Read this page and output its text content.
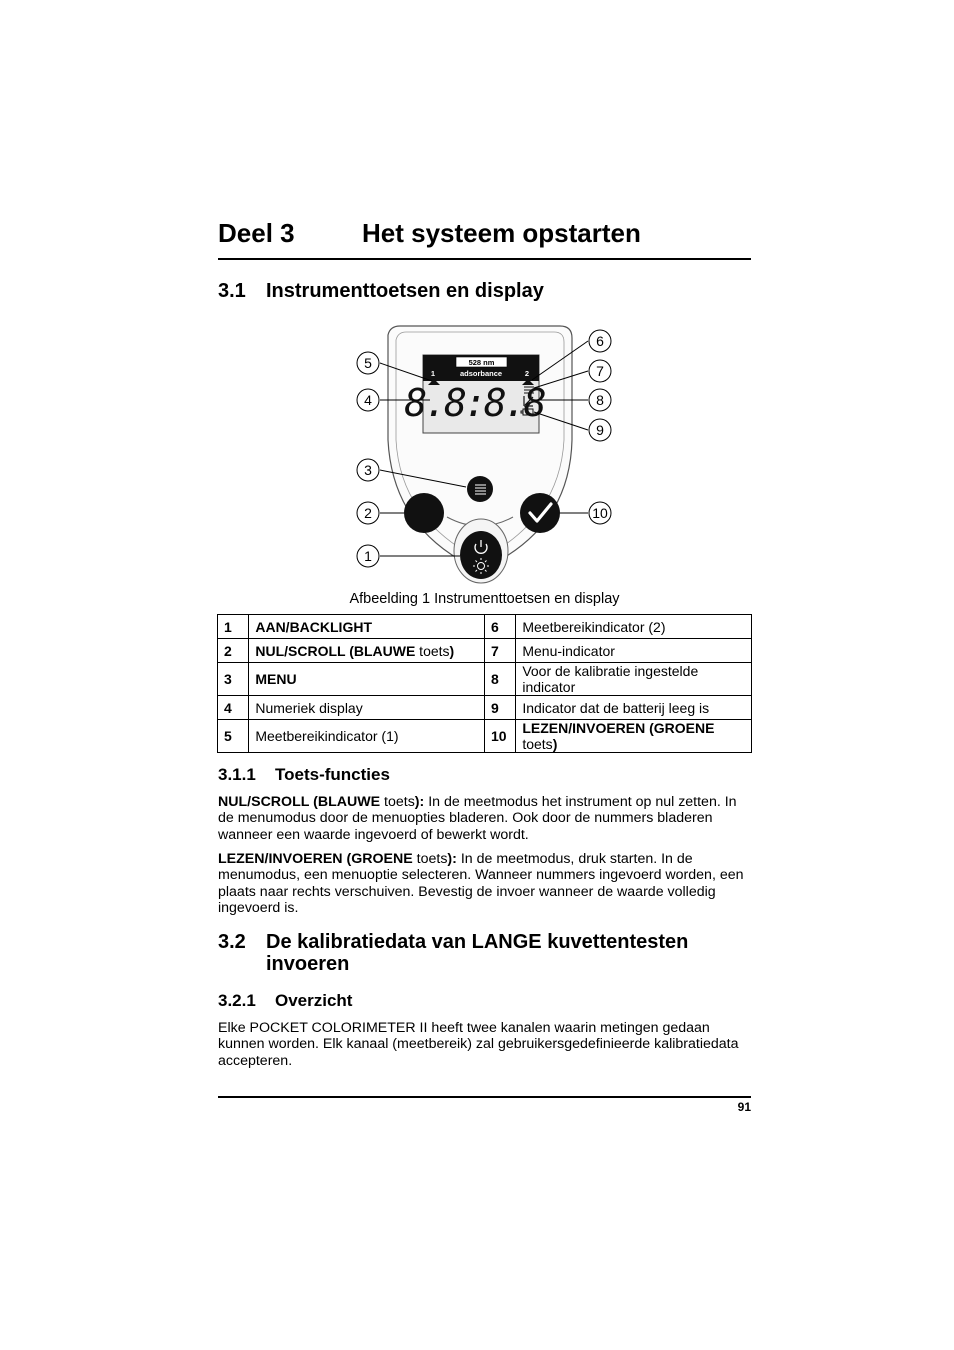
Deel 3	Het systeem opstarten
3.1 Instrumenttoetsen en display
528 nm
adsorbance
1	2
8.8:8.8
1
2
3
4
5
6
7
8
9
10
Afbeelding 1 Instrumenttoetsen en display
1	AAN/BACKLIGHT	6	Meetbereikindicator (2)
2	NUL/SCROLL (BLAUWE toets)	7	Menu-indicator
3	MENU	8	Voor de kalibratie ingestelde indicator
4	Numeriek display	9	Indicator dat de batterij leeg is
5	Meetbereikindicator (1)	10	LEZEN/INVOEREN (GROENE toets)
3.1.1 Toets-functies

NUL/SCROLL (BLAUWE toets): In de meetmodus het instrument op nul zetten. In de menumodus door de menuopties bladeren. Ook door de nummers bladeren wanneer een waarde ingevoerd of bewerkt wordt.

LEZEN/INVOEREN (GROENE toets): In de meetmodus, druk starten. In de menumodus, een menuoptie selecteren. Wanneer nummers ingevoerd worden, een plaats naar rechts verschuiven. Bevestig de invoer wanneer de waarde volledig ingevoerd is.

3.2 De kalibratiedata van LANGE kuvettentesten
invoeren
3.2.1 Overzicht

Elke POCKET COLORIMETER II heeft twee kanalen waarin metingen gedaan kunnen worden. Elk kanaal (meetbereik) zal gebruikersgedefinieerde kalibratiedata accepteren.

91
